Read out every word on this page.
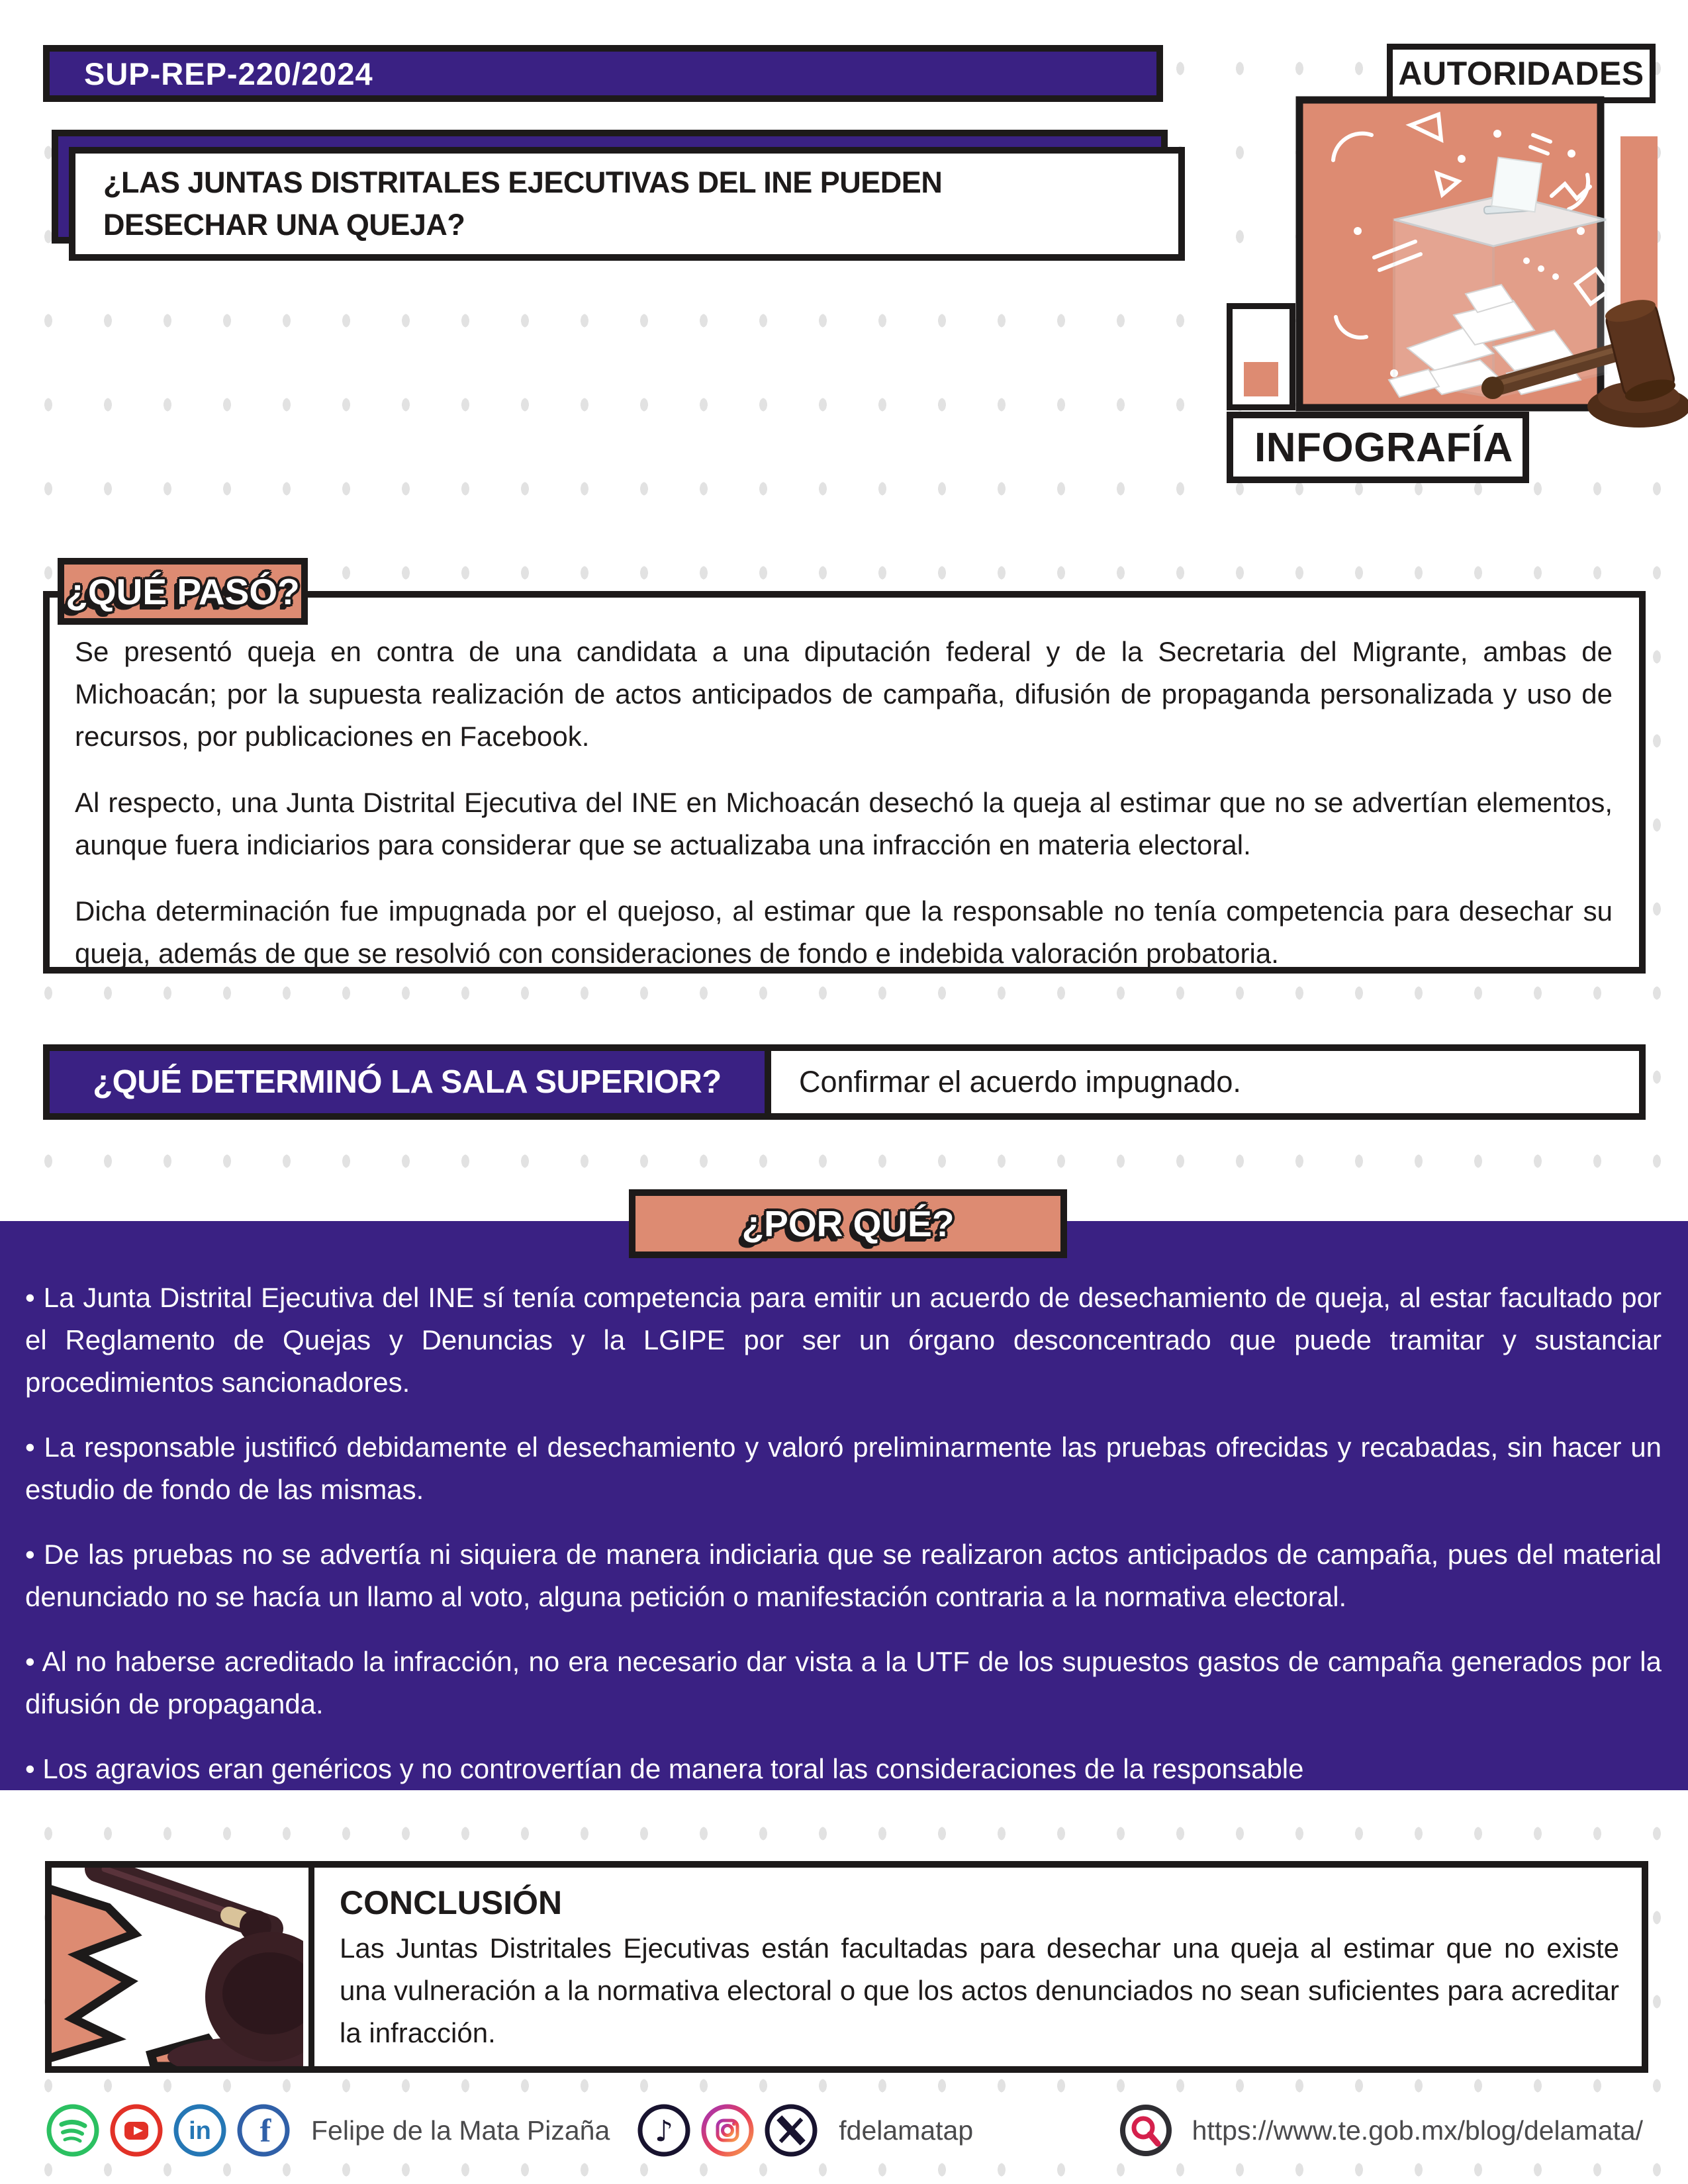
SUP-REP-220/2024
¿LAS JUNTAS DISTRITALES EJECUTIVAS DEL INE PUEDEN
DESECHAR UNA QUEJA?
AUTORIDADES
INFOGRAFÍA

Se presentó queja en contra de una candidata a una diputación federal y de la Secretaria del Migrante, ambas de Michoacán; por la supuesta realización de actos anticipados de campaña, difusión de propaganda personalizada y uso de recursos, por publicaciones en Facebook.

Al respecto, una Junta Distrital Ejecutiva del INE en Michoacán desechó la queja al estimar que no se advertían elementos, aunque fuera indiciarios para considerar que se actualizaba una infracción en materia electoral.

Dicha determinación fue impugnada por el quejoso, al estimar que la responsable no tenía competencia para desechar su queja, además de que se resolvió con consideraciones de fondo e indebida valoración probatoria.

¿QUÉ PASÓ?
¿QUÉ DETERMINÓ LA SALA SUPERIOR?	Confirmar el acuerdo impugnado.

• La Junta Distrital Ejecutiva del INE sí tenía competencia para emitir un acuerdo de desechamiento de queja, al estar facultado por el Reglamento de Quejas y Denuncias y la LGIPE por ser un órgano desconcentrado que puede tramitar y sustanciar procedimientos sancionadores.

• La responsable justificó debidamente el desechamiento y valoró preliminarmente las pruebas ofrecidas y recabadas, sin hacer un estudio de fondo de las mismas.

• De las pruebas no se advertía ni siquiera de manera indiciaria que se realizaron actos anticipados de campaña, pues del material denunciado no se hacía un llamo al voto, alguna petición o manifestación contraria a la normativa electoral.

• Al no haberse acreditado la infracción, no era necesario dar vista a la UTF de los supuestos gastos de campaña generados por la difusión de propaganda.

• Los agravios eran genéricos y no controvertían de manera toral las consideraciones de la responsable

¿POR QUÉ?

CONCLUSIÓN

Las Juntas Distritales Ejecutivas están facultadas para desechar una queja al estimar que no existe una vulneración a la normativa electoral o que los actos denunciados no sean suficientes para acreditar la infracción.

in f Felipe de la Mata Pizaña ♪	fdelamatap	https://www.te.gob.mx/blog/delamata/
